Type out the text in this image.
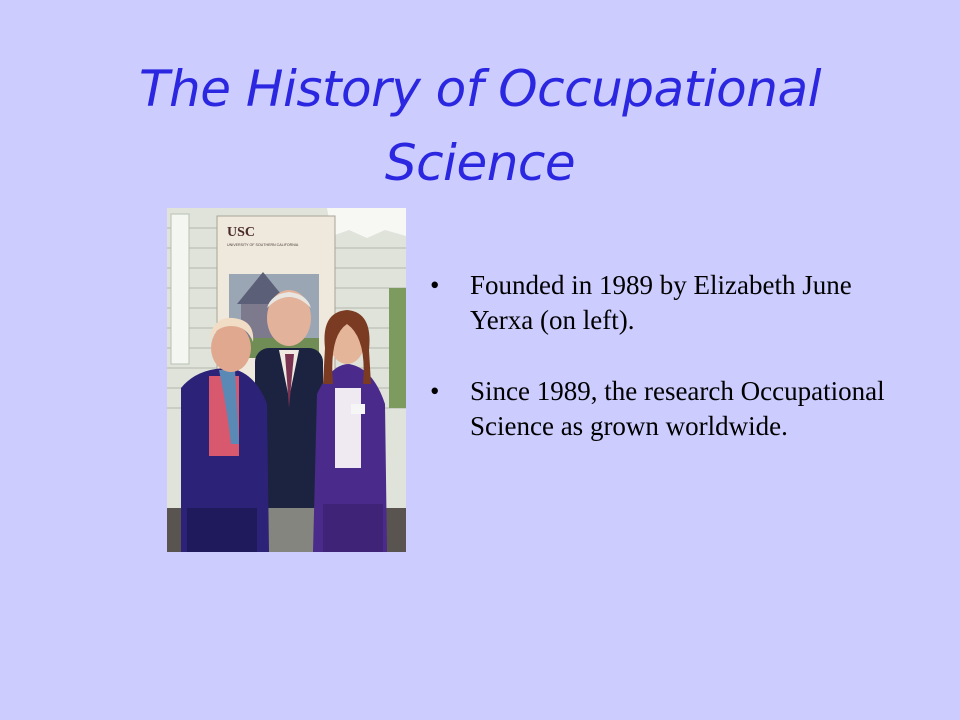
The History of Occupational Science
USC
UNIVERSITY OF SOUTHERN CALIFORNIA
• Founded in 1989 by Elizabeth June Yerxa (on left).
• Since 1989, the research Occupational Science as grown worldwide.
